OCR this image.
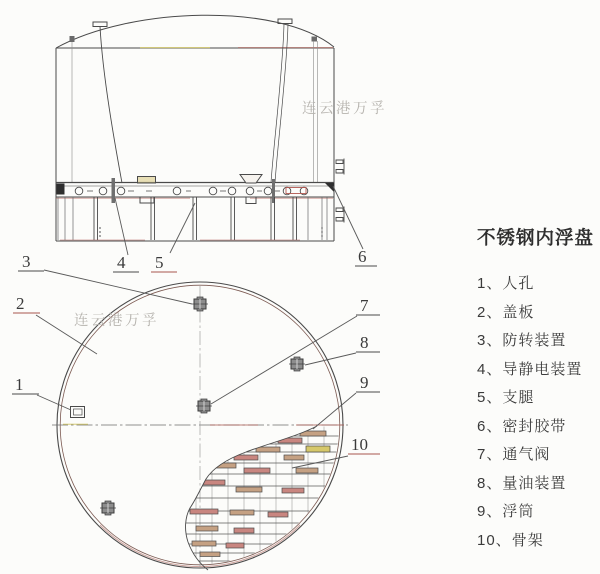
3	4 5	6
2
1
7
8
9
10
连云港万孚
连云港万孚
不锈钢内浮盘
1、人孔
2、盖板
3、防转装置
4、导静电装置
5、支腿
6、密封胶带
7、通气阀
8、量油装置
9、浮筒
10、骨架
